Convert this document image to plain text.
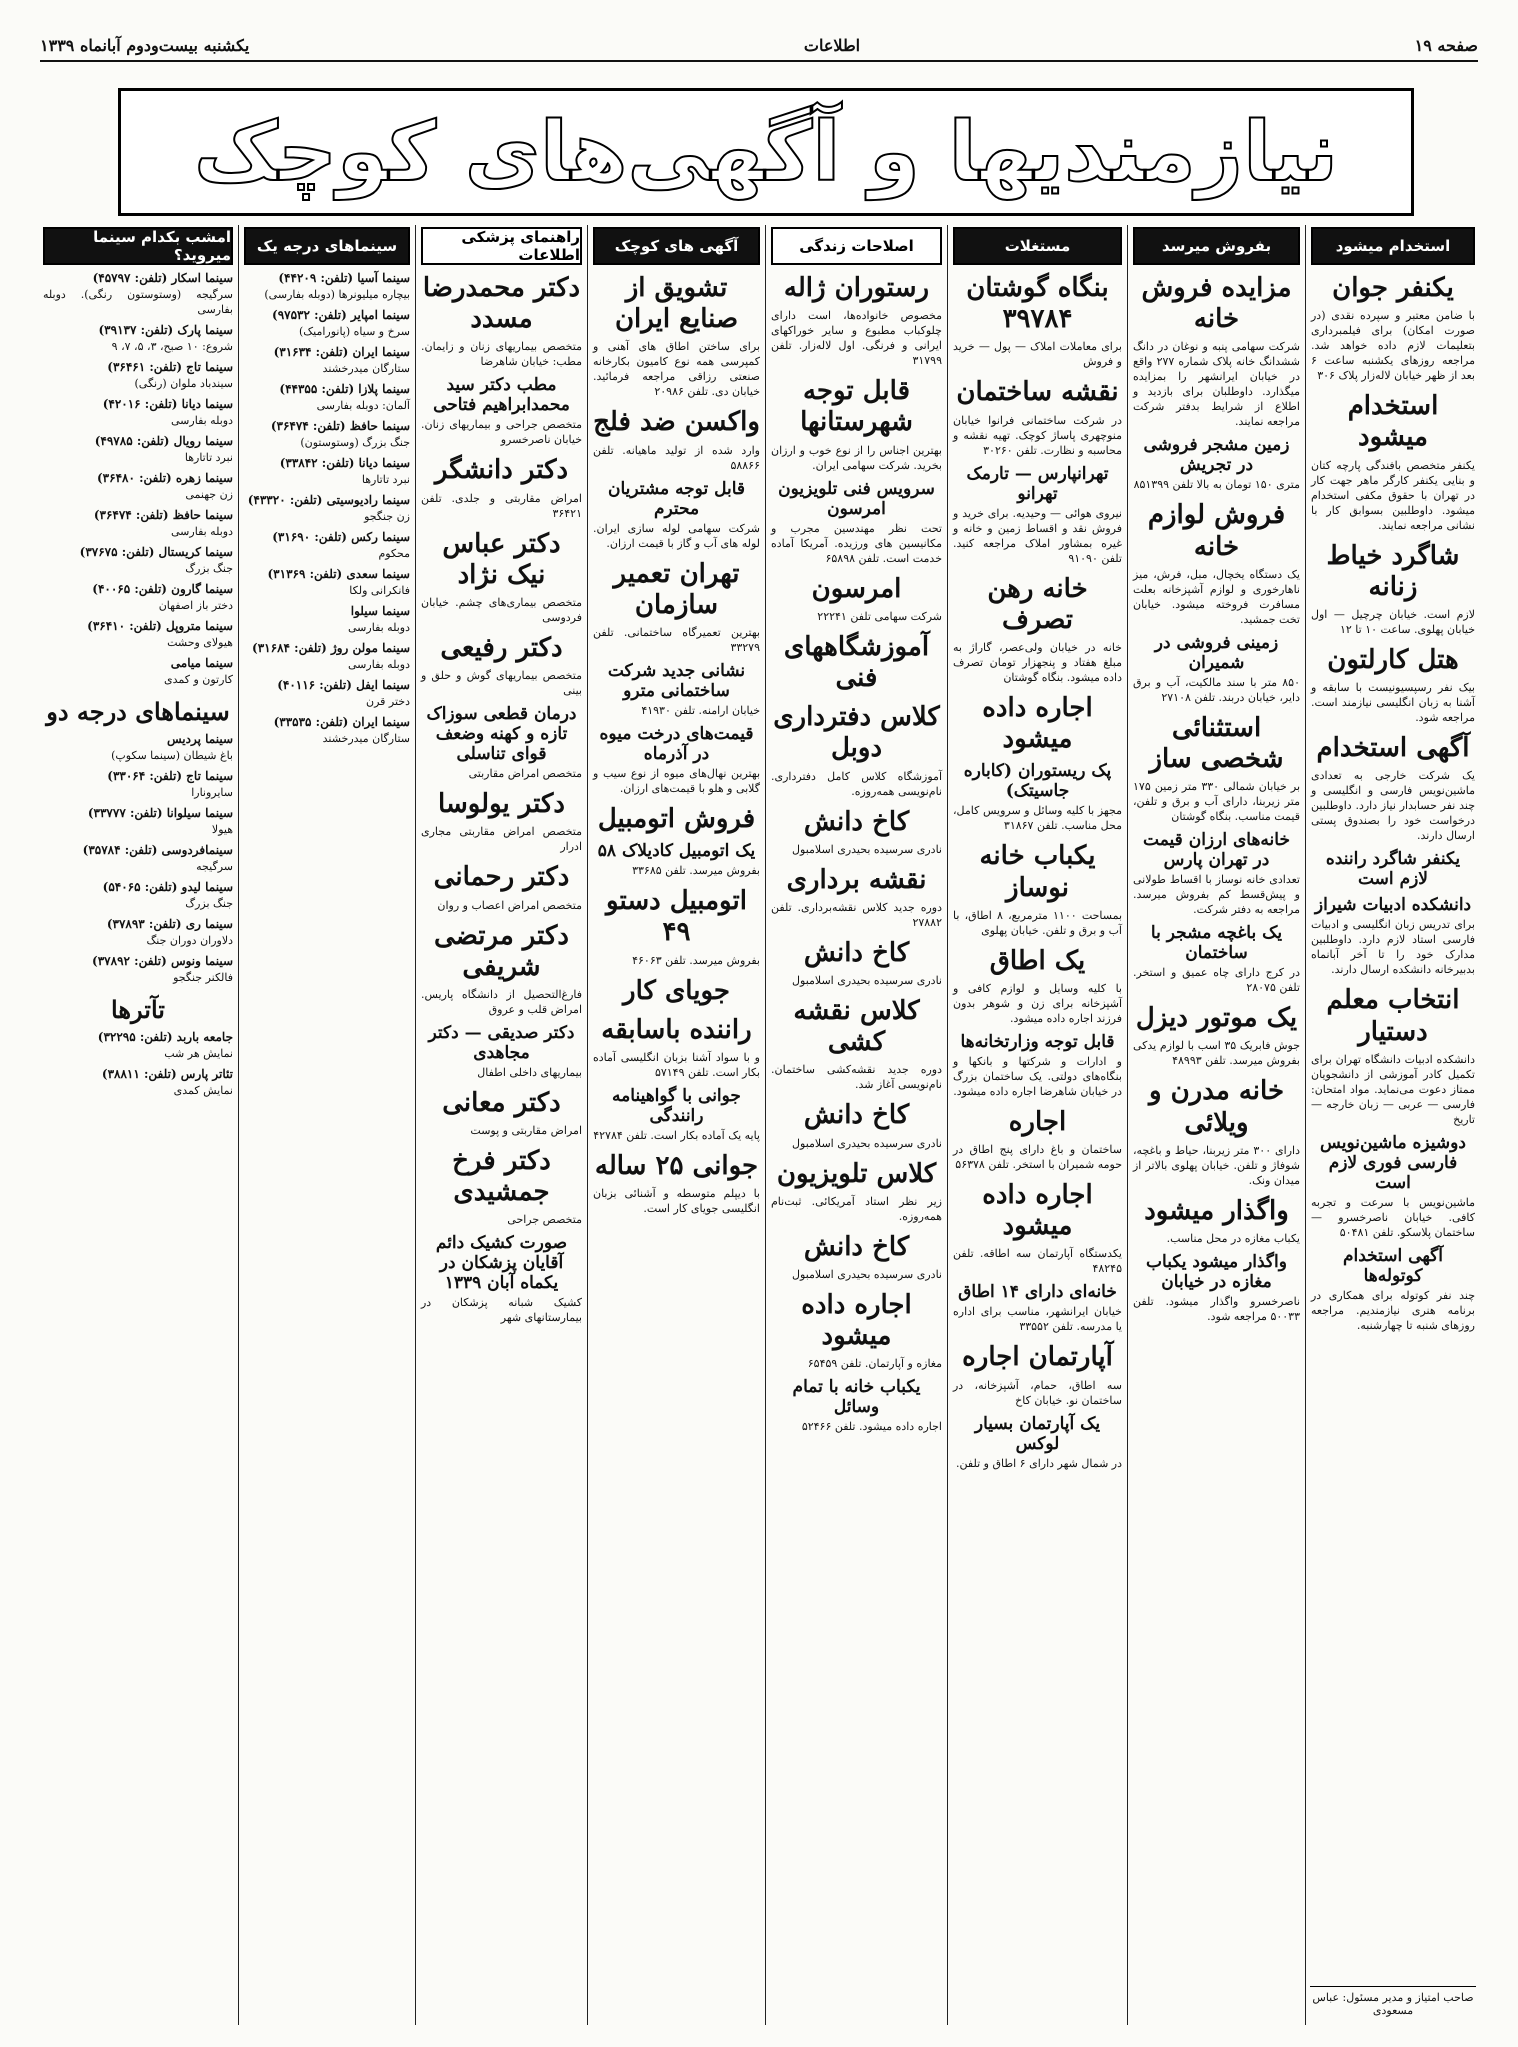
صفحه ۱۹
اطلاعات
یکشنبه بیست‌ودوم آبانماه ۱۳۳۹
نیازمندیها و آگهی‌های کوچک
استخدام میشود
یکنفر جوان
با ضامن معتبر و سپرده نقدی (در صورت امکان) برای فیلمبرداری بتعلیمات لازم داده خواهد شد. مراجعه روزهای یکشنبه ساعت ۶ بعد از ظهر خیابان لاله‌زار پلاک ۳۰۶
استخدام میشود
یکنفر متخصص بافندگی پارچه کتان و بنایی یکنفر کارگر ماهر جهت کار در تهران با حقوق مکفی استخدام میشود. داوطلبین بسوابق کار با نشانی مراجعه نمایند.
شاگرد خیاط زنانه
لازم است. خیابان چرچیل — اول خیابان پهلوی. ساعت ۱۰ تا ۱۲
هتل کارلتون
بیک نفر رسپسیونیست با سابقه و آشنا به زبان انگلیسی نیازمند است. مراجعه شود.
آگهی استخدام
یک شرکت خارجی به تعدادی ماشین‌نویس فارسی و انگلیسی و چند نفر حسابدار نیاز دارد. داوطلبین درخواست خود را بصندوق پستی ارسال دارند.
یکنفر شاگرد راننده لازم است
دانشکده ادبیات شیراز
برای تدریس زبان انگلیسی و ادبیات فارسی استاد لازم دارد. داوطلبین مدارک خود را تا آخر آبانماه بدبیرخانه دانشکده ارسال دارند.
انتخاب معلم دستیار
دانشکده ادبیات دانشگاه تهران برای تکمیل کادر آموزشی از دانشجویان ممتاز دعوت می‌نماید. مواد امتحان: فارسی — عربی — زبان خارجه — تاریخ
دوشیزه ماشین‌نویس فارسی فوری لازم است
ماشین‌نویس با سرعت و تجربه کافی. خیابان ناصرخسرو — ساختمان پلاسکو. تلفن ۵۰۴۸۱
آگهی استخدام کوتوله‌ها
چند نفر کوتوله برای همکاری در برنامه هنری نیازمندیم. مراجعه روزهای شنبه تا چهارشنبه.
صاحب امتیاز و مدیر مسئول: عباس مسعودی
بفروش میرسد
مزایده فروش خانه
شرکت سهامی پنبه و نوغان در دانگ ششدانگ خانه پلاک شماره ۲۷۷ واقع در خیابان ایرانشهر را بمزایده میگذارد. داوطلبان برای بازدید و اطلاع از شرایط بدفتر شرکت مراجعه نمایند.
زمین مشجر فروشی در تجریش
متری ۱۵۰ تومان به بالا تلفن ۸۵۱۳۹۹
فروش لوازم خانه
یک دستگاه یخچال، مبل، فرش، میز ناهارخوری و لوازم آشپزخانه بعلت مسافرت فروخته میشود. خیابان تخت جمشید.
زمینی فروشی در شمیران
۸۵۰ متر با سند مالکیت، آب و برق دایر، خیابان دربند. تلفن ۲۷۱۰۸
استثنائی شخصی ساز
بر خیابان شمالی ۳۳۰ متر زمین ۱۷۵ متر زیربنا، دارای آب و برق و تلفن، قیمت مناسب. بنگاه گوشتان
خانه‌های ارزان قیمت در تهران پارس
تعدادی خانه نوساز با اقساط طولانی و پیش‌قسط کم بفروش میرسد. مراجعه به دفتر شرکت.
یک باغچه مشجر با ساختمان
در کرج دارای چاه عمیق و استخر. تلفن ۲۸۰۷۵
یک موتور دیزل
جوش فابریک ۳۵ اسب با لوازم یدکی بفروش میرسد. تلفن ۴۸۹۹۳
خانه مدرن و ویلائی
دارای ۳۰۰ متر زیربنا، حیاط و باغچه، شوفاژ و تلفن. خیابان پهلوی بالاتر از میدان ونک.
واگذار میشود
یکباب مغازه در محل مناسب.
واگذار میشود یکباب مغازه در خیابان
ناصرخسرو واگذار میشود. تلفن ۵۰۰۳۳ مراجعه شود.
مستغلات
بنگاه گوشتان ۳۹۷۸۴
برای معاملات املاک — پول — خرید و فروش
نقشه ساختمان
در شرکت ساختمانی فرانوا خیابان منوچهری پاساژ کوچک. تهیه نقشه و محاسبه و نظارت. تلفن ۳۰۲۶۰
تهرانپارس — تارمک تهرانو
نیروی هوائی — وحیدیه. برای خرید و فروش نقد و اقساط زمین و خانه و غیره بمشاور املاک مراجعه کنید. تلفن ۹۱۰۹۰
خانه رهن تصرف
خانه در خیابان ولی‌عصر، گاراژ به مبلغ هفتاد و پنجهزار تومان تصرف داده میشود. بنگاه گوشتان
اجاره داده میشود
پک ریستوران (کاباره جاسیتک)
مجهز با کلیه وسائل و سرویس کامل، محل مناسب. تلفن ۳۱۸۶۷
یکباب خانه نوساز
بمساحت ۱۱۰۰ مترمربع، ۸ اطاق، با آب و برق و تلفن. خیابان پهلوی
یک اطاق
با کلیه وسایل و لوازم کافی و آشپزخانه برای زن و شوهر بدون فرزند اجاره داده میشود.
قابل توجه وزارتخانه‌ها
و ادارات و شرکتها و بانکها و بنگاه‌های دولتی. یک ساختمان بزرگ در خیابان شاهرضا اجاره داده میشود.
اجاره
ساختمان و باغ دارای پنج اطاق در حومه شمیران با استخر. تلفن ۵۶۳۷۸
اجاره داده میشود
یکدستگاه آپارتمان سه اطاقه. تلفن ۴۸۲۴۵
خانه‌ای دارای ۱۴ اطاق
خیابان ایرانشهر، مناسب برای اداره یا مدرسه. تلفن ۳۳۵۵۲
آپارتمان اجاره
سه اطاق، حمام، آشپزخانه، در ساختمان نو. خیابان کاخ
یک آپارتمان بسیار لوکس
در شمال شهر دارای ۶ اطاق و تلفن.
اصلاحات زندگی
رستوران ژاله
مخصوص خانواده‌ها، است دارای چلوکباب مطبوع و سایر خوراکهای ایرانی و فرنگی. اول لاله‌زار. تلفن ۳۱۷۹۹
قابل توجه شهرستانها
بهترین اجناس را از نوع خوب و ارزان بخرید. شرکت سهامی ایران.
سرویس فنی تلویزیون امرسون
تحت نظر مهندسین مجرب و مکانیسین های ورزیده. آمریکا آماده خدمت است. تلفن ۶۵۸۹۸
امرسون
شرکت سهامی تلفن ۲۲۲۴۱
آموزشگاههای فنی
کلاس دفترداری دوبل
آموزشگاه کلاس کامل دفترداری. نام‌نویسی همه‌روزه.
کاخ دانش
نادری سرسیده بحیدری اسلامبول
نقشه برداری
دوره جدید کلاس نقشه‌برداری. تلفن ۲۷۸۸۲
کاخ دانش
نادری سرسیده بحیدری اسلامبول
کلاس نقشه کشی
دوره جدید نقشه‌کشی ساختمان. نام‌نویسی آغاز شد.
کاخ دانش
نادری سرسیده بحیدری اسلامبول
کلاس تلویزیون
زیر نظر استاد آمریکائی. ثبت‌نام همه‌روزه.
کاخ دانش
نادری سرسیده بحیدری اسلامبول
اجاره داده میشود
مغازه و آپارتمان. تلفن ۶۵۴۵۹
یکباب خانه با تمام وسائل
اجاره داده میشود. تلفن ۵۲۴۶۶
آگهی های کوچک
تشویق از صنایع ایران
برای ساختن اطاق های آهنی و کمپرسی همه نوع کامیون بکارخانه صنعتی رزاقی مراجعه فرمائید. خیابان دی. تلفن ۲۰۹۸۶
واکسن ضد فلج
وارد شده از تولید ماهیانه. تلفن ۵۸۸۶۶
قابل توجه مشتریان محترم
شرکت سهامی لوله سازی ایران. لوله های آب و گاز با قیمت ارزان.
تهران تعمیر سازمان
بهترین تعمیرگاه ساختمانی. تلفن ۳۳۲۷۹
نشانی جدید شرکت ساختمانی مترو
خیابان ارامنه. تلفن ۴۱۹۳۰
قیمت‌های درخت میوه در آذرماه
بهترین نهال‌های میوه از نوع سیب و گلابی و هلو با قیمت‌های ارزان.
فروش اتومبیل
یک اتومبیل کادیلاک ۵۸
بفروش میرسد. تلفن ۳۳۶۸۵
اتومبیل دستو ۴۹
بفروش میرسد. تلفن ۴۶۰۶۳
جویای کار
راننده باسابقه
و با سواد آشنا بزبان انگلیسی آماده بکار است. تلفن ۵۷۱۴۹
جوانی با گواهینامه رانندگی
پایه یک آماده بکار است. تلفن ۴۲۷۸۴
جوانی ۲۵ ساله
با دیپلم متوسطه و آشنائی بزبان انگلیسی جویای کار است.
راهنمای پزشکی اطلاعات
دکتر محمدرضا مسدد
متخصص بیماریهای زنان و زایمان. مطب: خیابان شاهرضا
مطب دکتر سید محمدابراهیم فتاحی
متخصص جراحی و بیماریهای زنان. خیابان ناصرخسرو
دکتر دانشگر
امراض مقاربتی و جلدی. تلفن ۳۶۴۲۱
دکتر عباس نیک نژاد
متخصص بیماری‌های چشم. خیابان فردوسی
دکتر رفیعی
متخصص بیماریهای گوش و حلق و بینی
درمان قطعی سوزاک تازه و کهنه وضعف قوای تناسلی
متخصص امراض مقاربتی
دکتر یولوسا
متخصص امراض مقاربتی مجاری ادرار
دکتر رحمانی
متخصص امراض اعصاب و روان
دکتر مرتضی شریفی
فارغ‌التحصیل از دانشگاه پاریس. امراض قلب و عروق
دکتر صدیقی — دکتر مجاهدی
بیماریهای داخلی اطفال
دکتر معانی
امراض مقاربتی و پوست
دکتر فرخ جمشیدی
متخصص جراحی
صورت کشیک دائم آقایان پزشکان در یکماه آبان ۱۳۳۹
کشیک شبانه پزشکان در بیمارستانهای شهر
سینماهای درجه یک
سینما آسیا (تلفن: ۴۴۲۰۹)
بیچاره میلیونرها (دوبله بفارسی)
سینما امپایر (تلفن: ۹۷۵۳۲)
سرخ و سیاه (پانوراميک)
سینما ایران (تلفن: ۳۱۶۳۴)
ستارگان میدرخشند
سینما پلازا (تلفن: ۴۴۳۵۵)
آلمان: دوبله بفارسی
سینما حافظ (تلفن: ۳۶۴۷۴)
جنگ بزرگ (وستوستون)
سینما دیانا (تلفن: ۳۳۸۴۲)
نبرد تاتارها
سینما رادیوسیتی (تلفن: ۴۳۳۲۰)
زن جنگجو
سینما رکس (تلفن: ۳۱۶۹۰)
محکوم
سینما سعدی (تلفن: ۳۱۳۶۹)
فانکرانی ولکا
سینما سیلوا
دوبله بفارسی
سینما مولن روژ (تلفن: ۳۱۶۸۴)
دوبله بفارسی
سینما ایفل (تلفن: ۴۰۱۱۶)
دختر قرن
سینما ایران (تلفن: ۳۳۵۳۵)
ستارگان میدرخشند
امشب بکدام سینما میروید؟
سینما اسکار (تلفن: ۴۵۷۹۷)
سرگیجه (وستوستون رنگی). دوبله بفارسی
سینما پارک (تلفن: ۳۹۱۳۷)
شروع: ۱۰ صبح، ۳، ۵، ۷، ۹
سینما تاج (تلفن: ۳۶۴۶۱)
سیندباد ملوان (رنگی)
سینما دیانا (تلفن: ۴۲۰۱۶)
دوبله بفارسی
سینما رویال (تلفن: ۴۹۷۸۵)
نبرد تاتارها
سینما زهره (تلفن: ۳۶۴۸۰)
زن جهنمی
سینما حافظ (تلفن: ۳۶۴۷۴)
دوبله بفارسی
سینما کریستال (تلفن: ۳۷۶۷۵)
جنگ بزرگ
سینما گارون (تلفن: ۴۰۰۶۵)
دختر باز اصفهان
سینما متروپل (تلفن: ۳۶۴۱۰)
هیولای وحشت
سینما میامی
کارتون و کمدی
سینماهای درجه دو
سینما پردیس
باغ شیطان (سینما سکوپ)
سینما تاج (تلفن: ۳۳۰۶۴)
سایرونارا
سینما سیلوانا (تلفن: ۳۳۷۷۷)
هیولا
سینمافردوسی (تلفن: ۳۵۷۸۴)
سرگیجه
سینما لیدو (تلفن: ۵۴۰۶۵)
جنگ بزرگ
سینما ری (تلفن: ۳۷۸۹۳)
دلاوران دوران جنگ
سینما ونوس (تلفن: ۳۷۸۹۲)
فالکنر جنگجو
تآترها
جامعه باربد (تلفن: ۳۲۲۹۵)
نمایش هر شب
تئاتر پارس (تلفن: ۳۸۸۱۱)
نمایش کمدی
